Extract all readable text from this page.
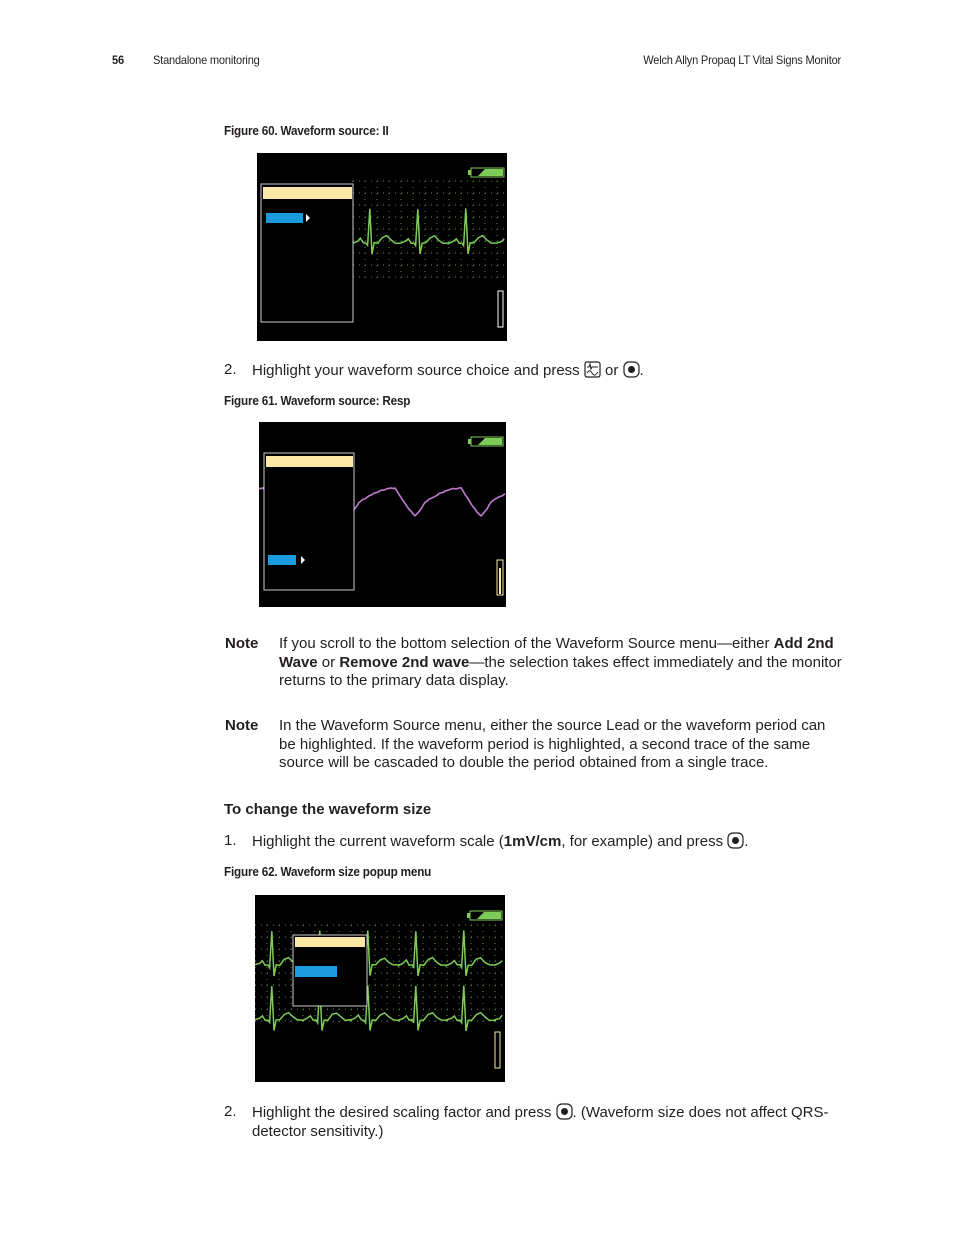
56 Standalone monitoring	Welch Allyn Propaq LT Vital Signs Monitor
Figure 60. Waveform source: II
2. Highlight your waveform source choice and press or .
Figure 61. Waveform source: Resp
Note If you scroll to the bottom selection of the Waveform Source menu—either Add 2nd Wave or Remove 2nd wave—the selection takes effect immediately and the monitor returns to the primary data display.
Note In the Waveform Source menu, either the source Lead or the waveform period can be highlighted. If the waveform period is highlighted, a second trace of the same source will be cascaded to double the period obtained from a single trace.
To change the waveform size
1. Highlight the current waveform scale (1mV/cm, for example) and press .
Figure 62. Waveform size popup menu
2. Highlight the desired scaling factor and press . (Waveform size does not affect QRS-detector sensitivity.)
